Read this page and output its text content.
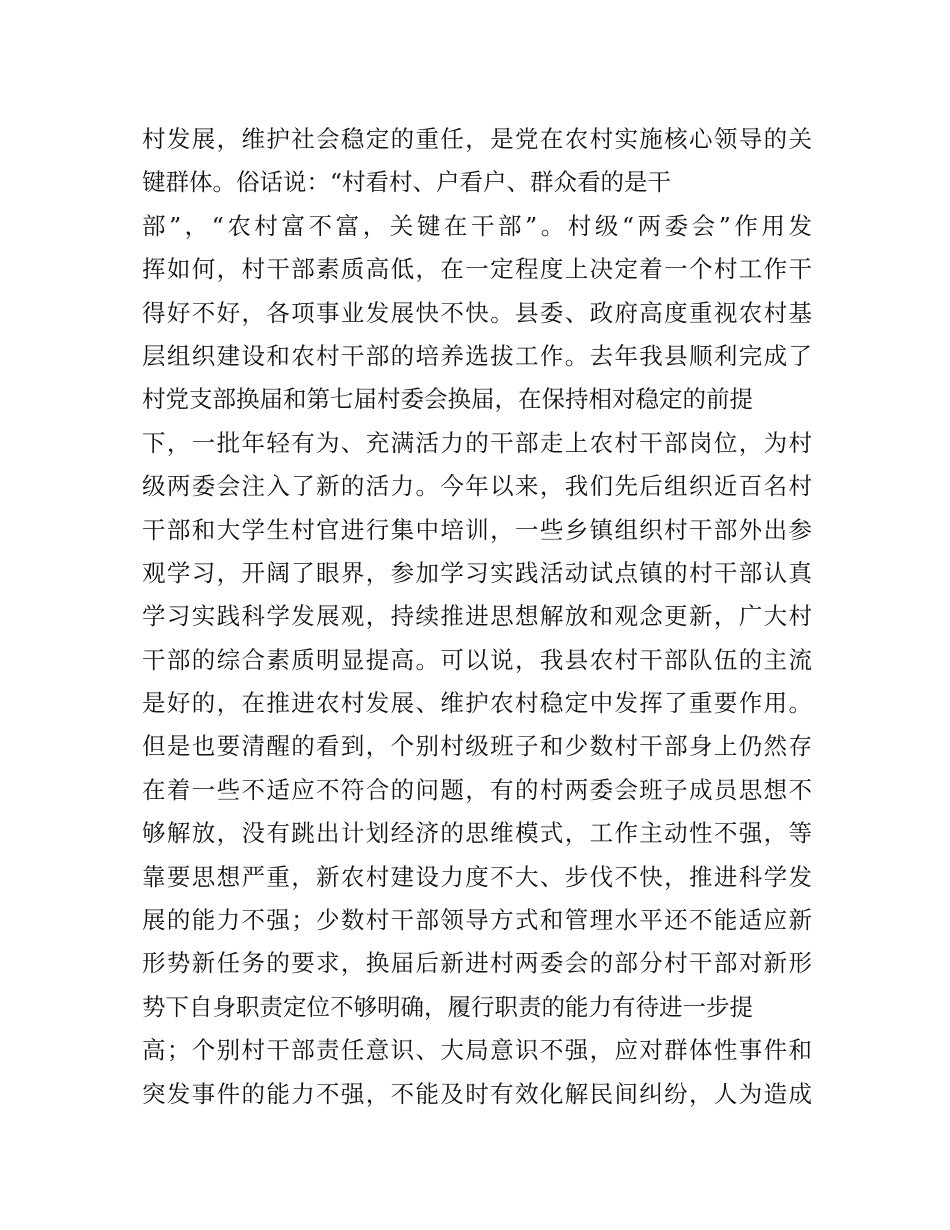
村发展，维护社会稳定的重任，是党在农村实施核心领导的关
键群体。俗话说：“村看村、户看户、群众看的是干
部”，“农村富不富，关键在干部”。村级“两委会”作用发
挥如何，村干部素质高低，在一定程度上决定着一个村工作干
得好不好，各项事业发展快不快。县委、政府高度重视农村基
层组织建设和农村干部的培养选拔工作。去年我县顺利完成了
村党支部换届和第七届村委会换届，在保持相对稳定的前提
下，一批年轻有为、充满活力的干部走上农村干部岗位，为村
级两委会注入了新的活力。今年以来，我们先后组织近百名村
干部和大学生村官进行集中培训，一些乡镇组织村干部外出参
观学习，开阔了眼界，参加学习实践活动试点镇的村干部认真
学习实践科学发展观，持续推进思想解放和观念更新，广大村
干部的综合素质明显提高。可以说，我县农村干部队伍的主流
是好的，在推进农村发展、维护农村稳定中发挥了重要作用。
但是也要清醒的看到，个别村级班子和少数村干部身上仍然存
在着一些不适应不符合的问题，有的村两委会班子成员思想不
够解放，没有跳出计划经济的思维模式，工作主动性不强，等
靠要思想严重，新农村建设力度不大、步伐不快，推进科学发
展的能力不强；少数村干部领导方式和管理水平还不能适应新
形势新任务的要求，换届后新进村两委会的部分村干部对新形
势下自身职责定位不够明确，履行职责的能力有待进一步提
高；个别村干部责任意识、大局意识不强，应对群体性事件和
突发事件的能力不强，不能及时有效化解民间纠纷，人为造成
